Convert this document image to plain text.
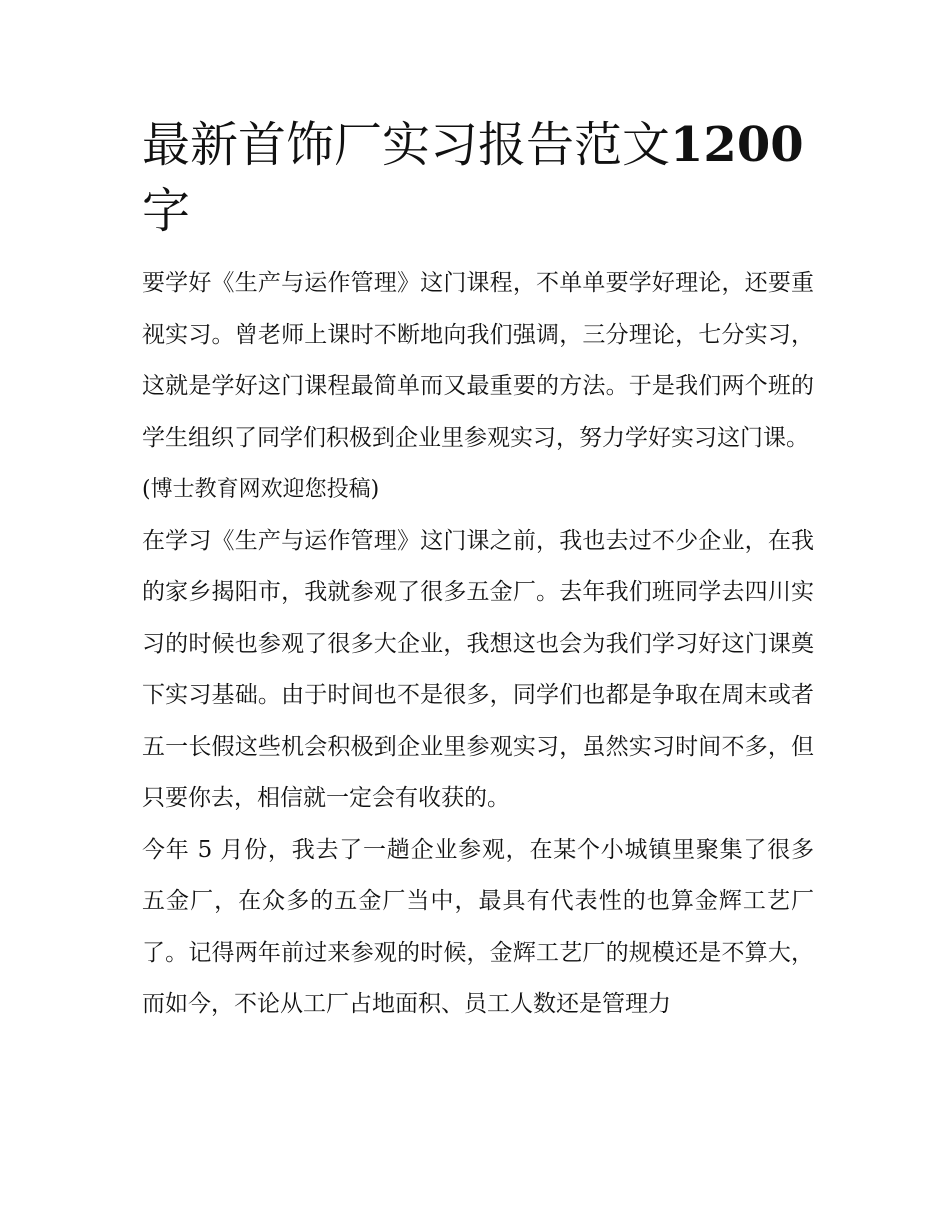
最新首饰厂实习报告范文1200
字

要学好《生产与运作管理》这门课程，不单单要学好理论，还要重视实习。曾老师上课时不断地向我们强调，三分理论，七分实习，这就是学好这门课程最简单而又最重要的方法。于是我们两个班的学生组织了同学们积极到企业里参观实习，努力学好实习这门课。

(博士教育网欢迎您投稿)

在学习《生产与运作管理》这门课之前，我也去过不少企业，在我的家乡揭阳市，我就参观了很多五金厂。去年我们班同学去四川实习的时候也参观了很多大企业，我想这也会为我们学习好这门课奠下实习基础。由于时间也不是很多，同学们也都是争取在周末或者五一长假这些机会积极到企业里参观实习，虽然实习时间不多，但只要你去，相信就一定会有收获的。

今年 5 月份，我去了一趟企业参观，在某个小城镇里聚集了很多五金厂，在众多的五金厂当中，最具有代表性的也算金辉工艺厂了。记得两年前过来参观的时候，金辉工艺厂的规模还是不算大，而如今，不论从工厂占地面积、员工人数还是管理力
